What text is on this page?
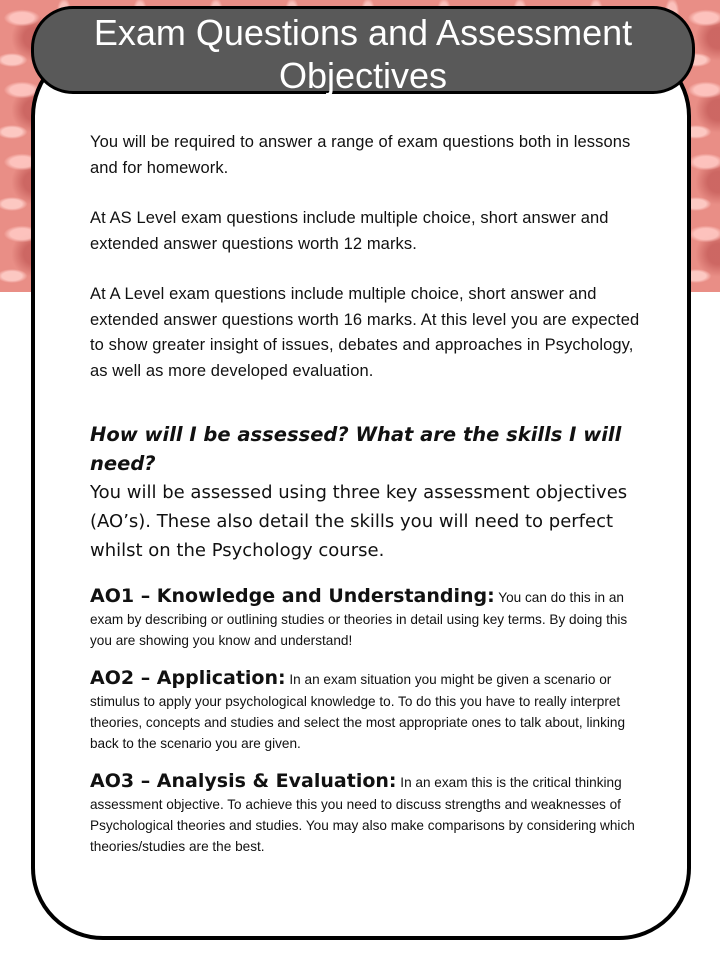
Exam Questions and Assessment
Objectives

You will be required to answer a range of exam questions both in lessons and for homework.

At AS Level exam questions include multiple choice, short answer and extended answer questions worth 12 marks.

At A Level exam questions include multiple choice, short answer and extended answer questions worth 16 marks. At this level you are expected to show greater insight of issues, debates and approaches in Psychology, as well as more developed evaluation.

How will I be assessed? What are the skills I will need?

You will be assessed using three key assessment objectives (AO’s). These also detail the skills you will need to perfect whilst on the Psychology course.

AO1 – Knowledge and Understanding: You can do this in an exam by describing or outlining studies or theories in detail using key terms. By doing this you are showing you know and understand!

AO2 – Application: In an exam situation you might be given a scenario or stimulus to apply your psychological knowledge to. To do this you have to really interpret theories, concepts and studies and select the most appropriate ones to talk about, linking back to the scenario you are given.

AO3 – Analysis & Evaluation: In an exam this is the critical thinking assessment objective. To achieve this you need to discuss strengths and weaknesses of Psychological theories and studies. You may also make comparisons by considering which theories/studies are the best.
